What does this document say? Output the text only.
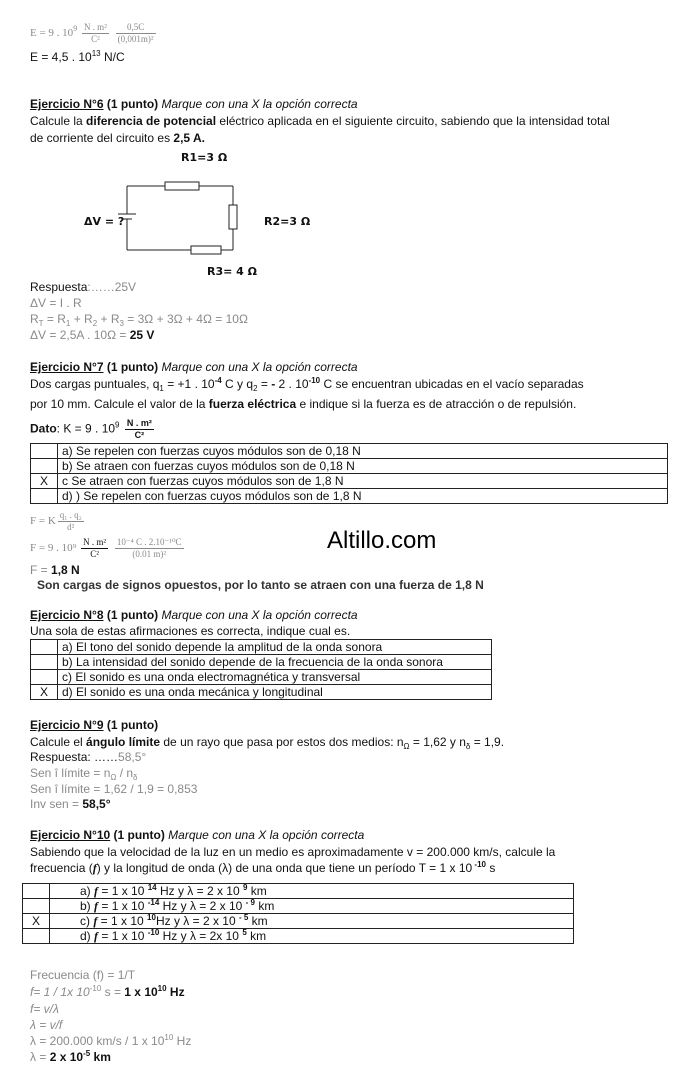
E = 9 . $10^9 \frac{\text{N . m²}}{\text{C²}}$
$\frac{0,5C}{\text{(0,001m)²}}$
E = 4,5 . $10^{13}$ N/C
Ejercicio N°6 (1 punto) Marque con una X la opción correcta
Calcule la diferencia de potencial eléctrico aplicada en el siguiente circuito, sabiendo que la intensidad total
de corriente del circuito es 2,5 A.
R1=3 Ω
R2=3 Ω
R3= 4 Ω
ΔV = ?
Respuesta:……25V
ΔV = I . R
$R_T = R_1 + R_2 + R_3 = 3\Omega + 3\Omega + 4\Omega = 10\Omega$
ΔV = 2,5A . 10Ω = 25 V
Ejercicio N°7 (1 punto) Marque con una X la opción correcta
Dos cargas puntuales, $q_1 = +1$ . $10^{-4}$ C y $q_2$ = - 2 . $10^{-10}$ C se encuentran ubicadas en el vacío separadas
por 10 mm. Calcule el valor de la fuerza eléctrica e indique si la fuerza es de atracción o de repulsión.
Dato: K = 9 . $10^9 \frac{\text{N . m²}}{\text{C²}}$
	a) Se repelen con fuerzas cuyos módulos son de 0,18 N
	b) Se atraen con fuerzas cuyos módulos son de 0,18 N
X	c Se atraen con fuerzas cuyos módulos son de 1,8 N
	d) ) Se repelen con fuerzas cuyos módulos son de 1,8 N
F = K $\frac{\text{q₁ . q₂}}{\text{d²}}$
F = 9 . $10^9 \frac{\text{N . m²}}{\text{C²}}$
$\frac{\text{10⁻⁴ C . 2.10⁻¹⁰C}}{\text{(0.01 m)²}}$
F = 1,8 N
Son cargas de signos opuestos, por lo tanto se atraen con una fuerza de 1,8 N
Altillo.com
Ejercicio N°8 (1 punto) Marque con una X la opción correcta
Una sola de estas afirmaciones es correcta, indique cual es.
	a) El tono del sonido depende la amplitud de la onda sonora
	b) La intensidad del sonido depende de la frecuencia de la onda sonora
	c) El sonido es una onda electromagnética y transversal
X	d) El sonido es una onda mecánica y longitudinal
Ejercicio N°9 (1 punto)
Calcule el ángulo límite de un rayo que pasa por estos dos medios: $n_\Omega = 1,62$ y $n_\delta = 1,9$.
Respuesta: ……58,5°
Sen î límite = $n_\Omega / n_\delta$
Sen î límite = 1,62 / 1,9 = 0,853
Inv sen = 58,5°
Ejercicio N°10 (1 punto) Marque con una X la opción correcta
Sabiendo que la velocidad de la luz en un medio es aproximadamente v = 200.000 km/s, calcule la
frecuencia (f) y la longitud de onda (λ) de una onda que tiene un período T = 1 x 10 $^{-10}$ s
	a) f = 1 x 10 $^{14}$ Hz y λ = 2 x 10 $^9$ km
	b) f = 1 x 10 $^{-14}$ Hz y λ = 2 x 10 $^{- 9}$ km
X	c) f = 1 x 10 $^{10}$Hz y λ = 2 x 10 $^{- 5}$ km
	d) f = 1 x 10 $^{-10}$ Hz y λ = 2x 10 $^5$ km
Frecuencia (f) = 1/T
f= 1 / 1x $10^{-10}$ s = 1 x $10^{10}$ Hz
f= v/λ
λ = v/f
λ = 200.000 km/s / 1 x $10^{10}$ Hz
λ = 2 x $10^{-5}$ km
